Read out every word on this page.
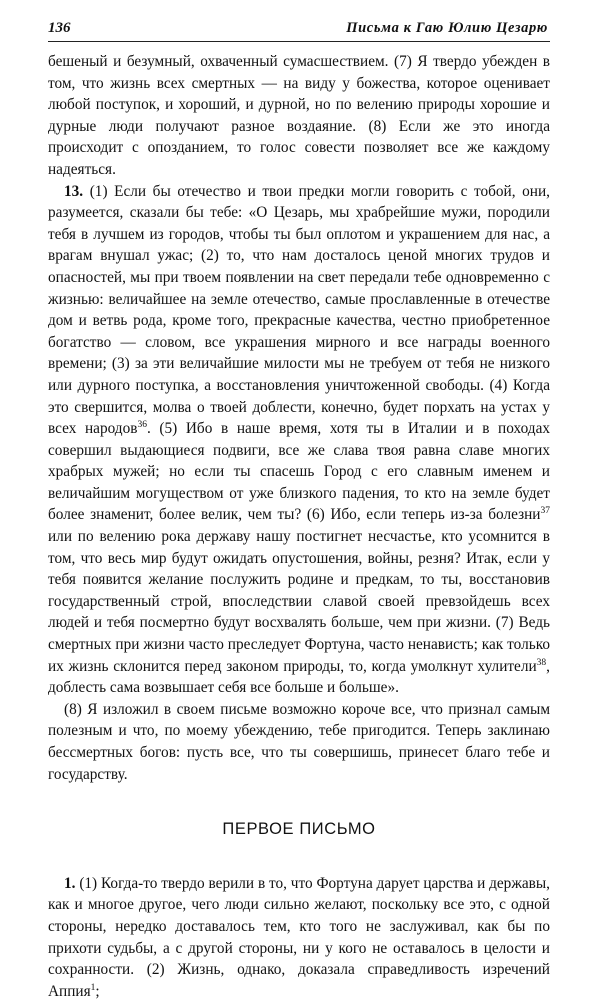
136	Письма к Гаю Юлию Цезарю

бешеный и безумный, охваченный сумасшествием. (7) Я твердо убежден в том, что жизнь всех смертных — на виду у божества, которое оценивает любой поступок, и хороший, и дурной, но по велению природы хорошие и дурные люди получают разное воздаяние. (8) Если же это иногда происходит с опозданием, то голос совести позволяет все же каждому надеяться.

13. (1) Если бы отечество и твои предки могли говорить с тобой, они, разумеется, сказали бы тебе: «О Цезарь, мы храбрейшие мужи, породили тебя в лучшем из городов, чтобы ты был оплотом и украшением для нас, а врагам внушал ужас; (2) то, что нам досталось ценой многих трудов и опасностей, мы при твоем появлении на свет передали тебе одновременно с жизнью: величайшее на земле отечество, самые прославленные в отечестве дом и ветвь рода, кроме того, прекрасные качества, честно приобретенное богатство — словом, все украшения мирного и все награды военного времени; (3) за эти величайшие милости мы не требуем от тебя не низкого или дурного поступка, а восстановления уничтоженной свободы. (4) Когда это свершится, молва о твоей доблести, конечно, будет порхать на устах у всех народов$^{36}$. (5) Ибо в наше время, хотя ты в Италии и в походах совершил выдающиеся подвиги, все же слава твоя равна славе многих храбрых мужей; но если ты спасешь Город с его славным именем и величайшим могуществом от уже близкого падения, то кто на земле будет более знаменит, более велик, чем ты? (6) Ибо, если теперь из-за болезни$^{37}$ или по велению рока державу нашу постигнет несчастье, кто усомнится в том, что весь мир будут ожидать опустошения, войны, резня? Итак, если у тебя появится желание послужить родине и предкам, то ты, восстановив государственный строй, впоследствии славой своей превзойдешь всех людей и тебя посмертно будут восхвалять больше, чем при жизни. (7) Ведь смертных при жизни часто преследует Фортуна, часто ненависть; как только их жизнь склонится перед законом природы, то, когда умолкнут хулители$^{38}$, доблесть сама возвышает себя все больше и больше».

(8) Я изложил в своем письме возможно короче все, что признал самым полезным и что, по моему убеждению, тебе пригодится. Теперь заклинаю бессмертных богов: пусть все, что ты совершишь, принесет благо тебе и государству.

ПЕРВОЕ ПИСЬМО

1. (1) Когда-то твердо верили в то, что Фортуна дарует царства и державы, как и многое другое, чего люди сильно желают, поскольку все это, с одной стороны, нередко доставалось тем, кто того не заслуживал, как бы по прихоти судьбы, а с другой стороны, ни у кого не оставалось в целости и сохранности. (2) Жизнь, однако, доказала справедливость изречений Аппия$^1$;
